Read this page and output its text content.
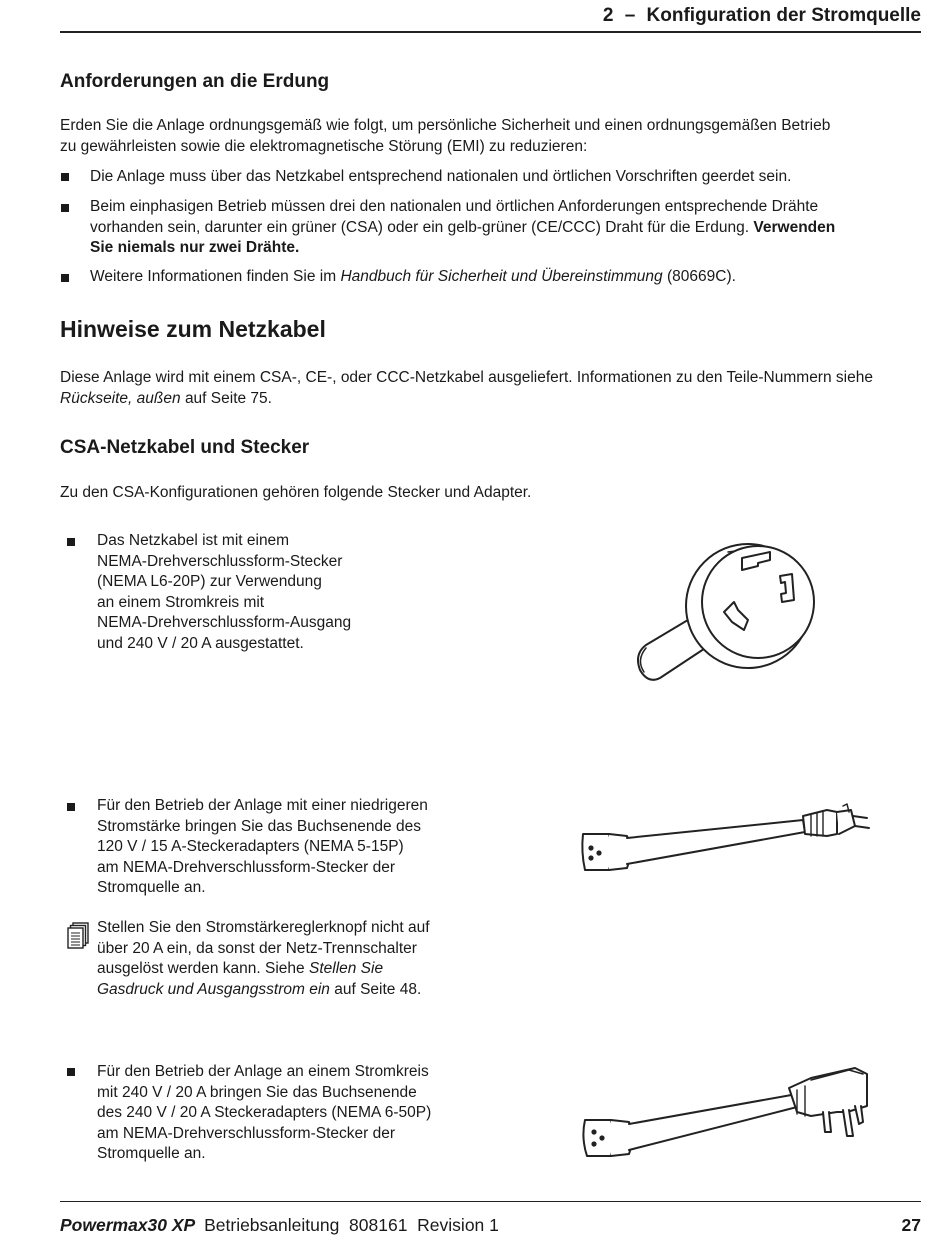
2 – Konfiguration der Stromquelle
Anforderungen an die Erdung

Erden Sie die Anlage ordnungsgemäß wie folgt, um persönliche Sicherheit und einen ordnungsgemäßen Betrieb

zu gewährleisten sowie die elektromagnetische Störung (EMI) zu reduzieren:

Die Anlage muss über das Netzkabel entsprechend nationalen und örtlichen Vorschriften geerdet sein.

Beim einphasigen Betrieb müssen drei den nationalen und örtlichen Anforderungen entsprechende Drähte

vorhanden sein, darunter ein grüner (CSA) oder ein gelb-grüner (CE/CCC) Draht für die Erdung. Verwenden

Sie niemals nur zwei Drähte.

Weitere Informationen finden Sie im Handbuch für Sicherheit und Übereinstimmung (80669C).
Hinweise zum Netzkabel

Diese Anlage wird mit einem CSA-, CE-, oder CCC-Netzkabel ausgeliefert. Informationen zu den Teile-Nummern siehe

Rückseite, außen auf Seite 75.

CSA-Netzkabel und Stecker

Zu den CSA-Konfigurationen gehören folgende Stecker und Adapter.

Das Netzkabel ist mit einem

NEMA-Drehverschlussform-Stecker

(NEMA L6-20P) zur Verwendung

an einem Stromkreis mit

NEMA-Drehverschlussform-Ausgang

und 240 V / 20 A ausgestattet.

Für den Betrieb der Anlage mit einer niedrigeren

Stromstärke bringen Sie das Buchsenende des

120 V / 15 A-Steckeradapters (NEMA 5-15P)

am NEMA-Drehverschlussform-Stecker der

Stromquelle an.

Stellen Sie den Stromstärkereglerknopf nicht auf

über 20 A ein, da sonst der Netz-Trennschalter

ausgelöst werden kann. Siehe Stellen Sie

Gasdruck und Ausgangsstrom ein auf Seite 48.

Für den Betrieb der Anlage an einem Stromkreis

mit 240 V / 20 A bringen Sie das Buchsenende

des 240 V / 20 A Steckeradapters (NEMA 6-50P)

am NEMA-Drehverschlussform-Stecker der

Stromquelle an.

Powermax30 XP Betriebsanleitung  808161  Revision 1	27
